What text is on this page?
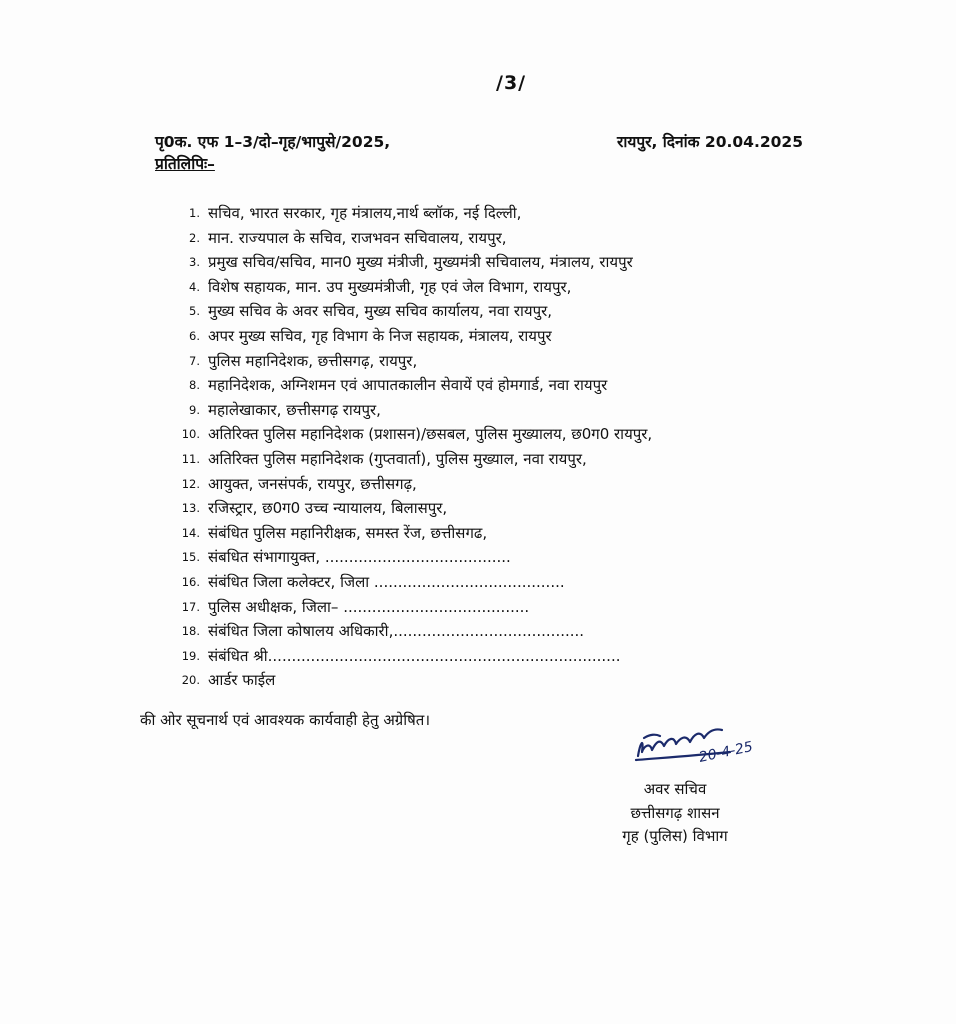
/3/
पृ0क. एफ 1–3/दो–गृह/भापुसे/2025,	रायपुर, दिनांक 20.04.2025
प्रतिलिपिः–
1. सचिव, भारत सरकार, गृह मंत्रालय,नार्थ ब्लॉक, नई दिल्ली,
2. मान. राज्यपाल के सचिव, राजभवन सचिवालय, रायपुर,
3. प्रमुख सचिव/सचिव, मान0 मुख्य मंत्रीजी, मुख्यमंत्री सचिवालय, मंत्रालय, रायपुर
4. विशेष सहायक, मान. उप मुख्यमंत्रीजी, गृह एवं जेल विभाग, रायपुर,
5. मुख्य सचिव के अवर सचिव, मुख्य सचिव कार्यालय, नवा रायपुर,
6. अपर मुख्य सचिव, गृह विभाग के निज सहायक, मंत्रालय, रायपुर
7. पुलिस महानिदेशक, छत्तीसगढ़, रायपुर,
8. महानिदेशक, अग्निशमन एवं आपातकालीन सेवायें एवं होमगार्ड, नवा रायपुर
9. महालेखाकार, छत्तीसगढ़ रायपुर,
10. अतिरिक्त पुलिस महानिदेशक (प्रशासन)/छसबल, पुलिस मुख्यालय, छ0ग0 रायपुर,
11. अतिरिक्त पुलिस महानिदेशक (गुप्तवार्ता), पुलिस मुख्याल, नवा रायपुर,
12. आयुक्त, जनसंपर्क, रायपुर, छत्तीसगढ़,
13. रजिस्ट्रार, छ0ग0 उच्च न्यायालय, बिलासपुर,
14. संबंधित पुलिस महानिरीक्षक, समस्त रेंज, छत्तीसगढ,
15. संबधित संभागायुक्त, .......................................
16. संबंधित जिला कलेक्टर, जिला ........................................
17. पुलिस अधीक्षक, जिला– .......................................
18. संबंधित जिला कोषालय अधिकारी,........................................
19. संबंधित श्री..........................................................................
20. आर्डर फाईल
की ओर सूचनार्थ एवं आवश्यक कार्यवाही हेतु अग्रेषित।
20-4-25
अवर सचिव
छत्तीसगढ़ शासन
गृह (पुलिस) विभाग
